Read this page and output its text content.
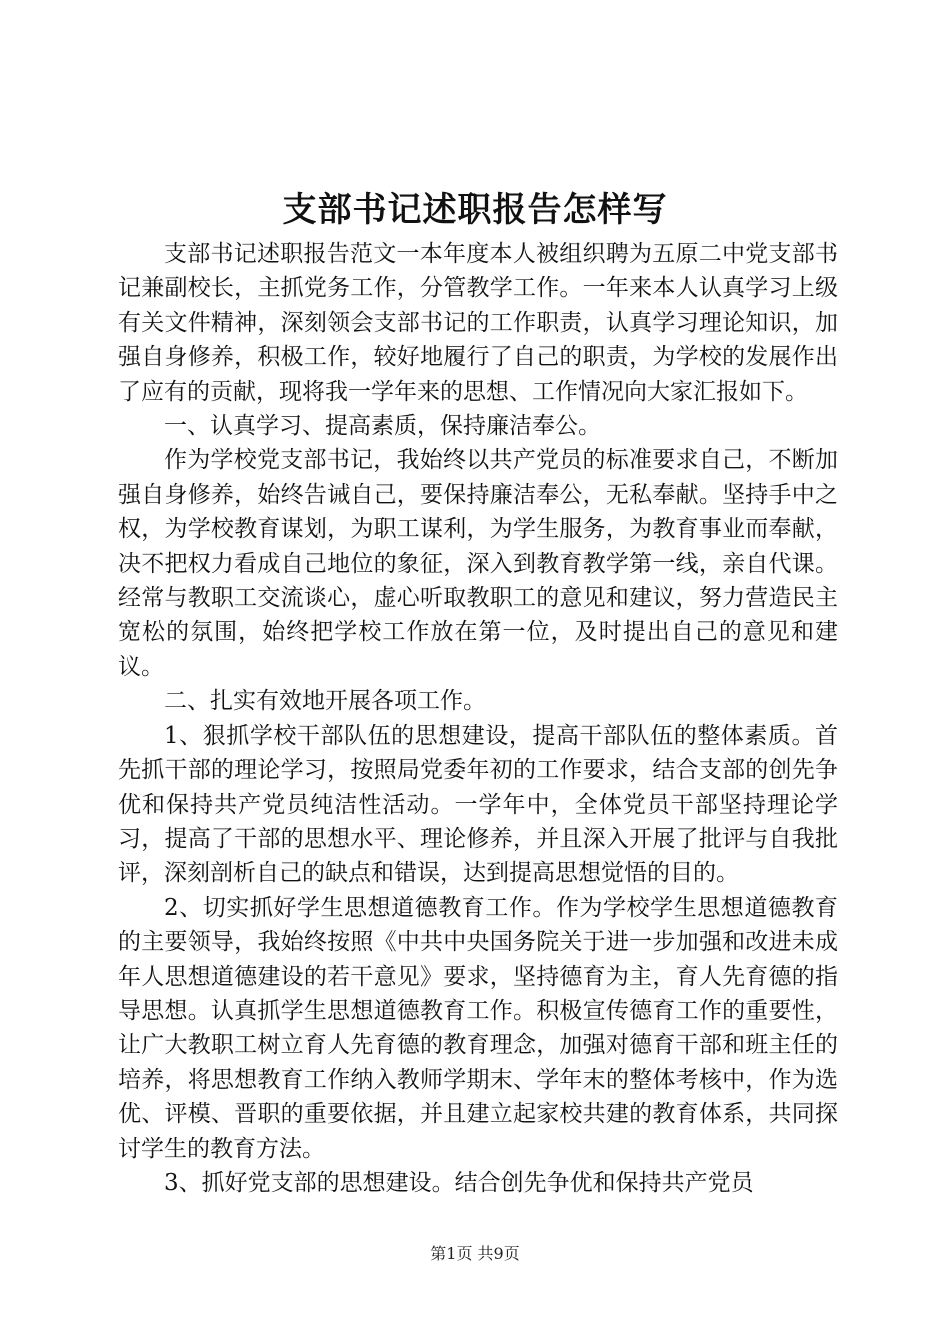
支部书记述职报告怎样写

支部书记述职报告范文一本年度本人被组织聘为五原二中党支部书记兼副校长，主抓党务工作，分管教学工作。一年来本人认真学习上级有关文件精神，深刻领会支部书记的工作职责，认真学习理论知识，加强自身修养，积极工作，较好地履行了自己的职责，为学校的发展作出了应有的贡献，现将我一学年来的思想、工作情况向大家汇报如下。

一、认真学习、提高素质，保持廉洁奉公。

作为学校党支部书记，我始终以共产党员的标准要求自己，不断加强自身修养，始终告诫自己，要保持廉洁奉公，无私奉献。坚持手中之权，为学校教育谋划，为职工谋利，为学生服务，为教育事业而奉献，决不把权力看成自己地位的象征，深入到教育教学第一线，亲自代课。经常与教职工交流谈心，虚心听取教职工的意见和建议，努力营造民主宽松的氛围，始终把学校工作放在第一位，及时提出自己的意见和建议。

二、扎实有效地开展各项工作。

1、狠抓学校干部队伍的思想建设，提高干部队伍的整体素质。首先抓干部的理论学习，按照局党委年初的工作要求，结合支部的创先争优和保持共产党员纯洁性活动。一学年中，全体党员干部坚持理论学习，提高了干部的思想水平、理论修养，并且深入开展了批评与自我批评，深刻剖析自己的缺点和错误，达到提高思想觉悟的目的。

2、切实抓好学生思想道德教育工作。作为学校学生思想道德教育的主要领导，我始终按照《中共中央国务院关于进一步加强和改进未成年人思想道德建设的若干意见》要求，坚持德育为主，育人先育德的指导思想。认真抓学生思想道德教育工作。积极宣传德育工作的重要性，让广大教职工树立育人先育德的教育理念，加强对德育干部和班主任的培养，将思想教育工作纳入教师学期末、学年末的整体考核中，作为选优、评模、晋职的重要依据，并且建立起家校共建的教育体系，共同探讨学生的教育方法。

3、抓好党支部的思想建设。结合创先争优和保持共产党员

第1页 共9页
